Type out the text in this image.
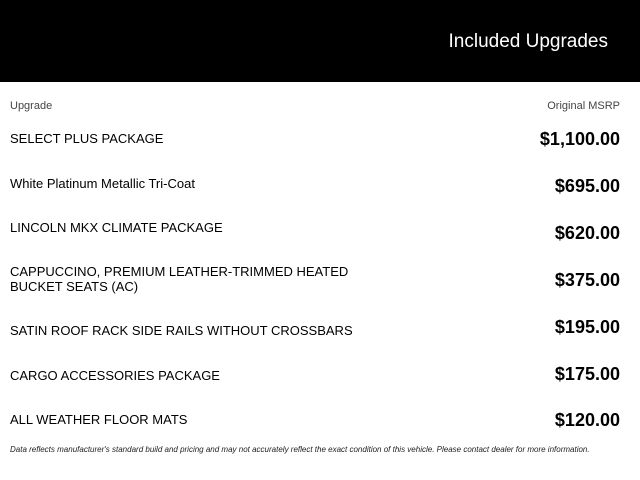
Included Upgrades
Upgrade	Original MSRP
SELECT PLUS PACKAGE	$1,100.00
White Platinum Metallic Tri-Coat	$695.00
LINCOLN MKX CLIMATE PACKAGE	$620.00
CAPPUCCINO, PREMIUM LEATHER-TRIMMED HEATED BUCKET SEATS (AC)	$375.00
SATIN ROOF RACK SIDE RAILS WITHOUT CROSSBARS	$195.00
CARGO ACCESSORIES PACKAGE	$175.00
ALL WEATHER FLOOR MATS	$120.00
Data reflects manufacturer's standard build and pricing and may not accurately reflect the exact condition of this vehicle. Please contact dealer for more information.
